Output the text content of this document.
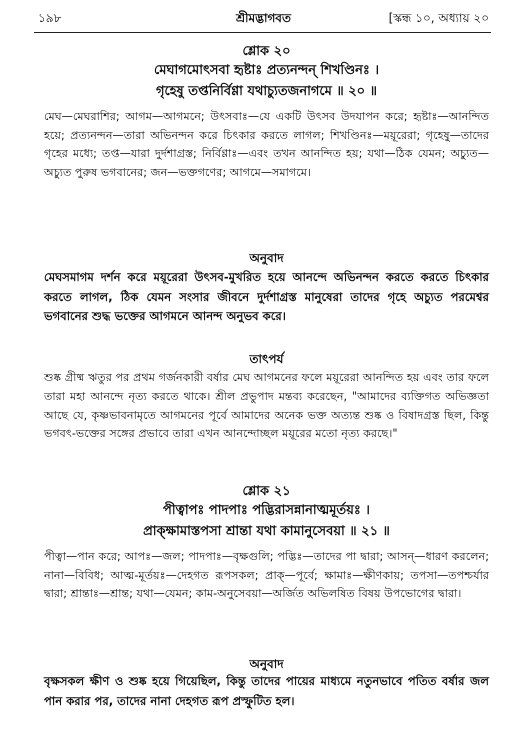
১৯৮	শ্রীমদ্ভাগবত	[স্কন্ধ ১০, অধ্যায় ২০
শ্লোক ২০
মেঘাগমোৎসবা হৃষ্টাঃ প্রত্যনন্দন্ শিখণ্ডিনঃ ।
গৃহেষু তপ্তনির্বিণ্ণা যথাচ্যুতজনাগমে ॥ ২০ ॥
মেঘ—মেঘরাশির; আগম—আগমনে; উৎসবাঃ—যে একটি উৎসব উদযাপন করে; হৃষ্টাঃ—আনন্দিত হয়ে; প্রত্যনন্দন—তারা অভিনন্দন করে চিৎকার করতে লাগল; শিখণ্ডিনঃ—ময়ূরেরা; গৃহেষু—তাদের গৃহের মধ্যে; তপ্ত—যারা দুর্দশাগ্রস্ত; নির্বিণ্ণাঃ—এবং তখন আনন্দিত হয়; যথা—ঠিক যেমন; অচ্যুত—অচ্যুত পুরুষ ভগবানের; জন—ভক্তগণের; আগমে—সমাগমে।
অনুবাদ
মেঘসমাগম দর্শন করে ময়ূরেরা উৎসব-মুখরিত হয়ে আনন্দে অভিনন্দন করতে করতে চিৎকার করতে লাগল, ঠিক যেমন সংসার জীবনে দুর্দশাগ্রস্ত মানুষেরা তাদের গৃহে অচ্যুত পরমেশ্বর ভগবানের শুদ্ধ ভক্তের আগমনে আনন্দ অনুভব করে।
তাৎপর্য
শুষ্ক গ্রীষ্ম ঋতুর পর প্রথম গর্জনকারী বর্ষার মেঘ আগমনের ফলে ময়ূরেরা আনন্দিত হয় এবং তার ফলে তারা মহা আনন্দে নৃত্য করতে থাকে। শ্রীল প্রভুপাদ মন্তব্য করেছেন, "আমাদের ব্যক্তিগত অভিজ্ঞতা আছে যে, কৃষ্ণভাবনামৃতে আগমনের পূর্বে আমাদের অনেক ভক্ত অত্যন্ত শুষ্ক ও বিষাদগ্রস্ত ছিল, কিন্তু ভগবৎ-ভক্তের সঙ্গের প্রভাবে তারা এখন আনন্দোচ্ছল ময়ূরের মতো নৃত্য করছে।"
শ্লোক ২১
পীত্বাপঃ পাদপাঃ পদ্ভিরাসন্নানাত্মমূর্তয়ঃ ।
প্রাক্ক্ষামাস্তপসা শ্রান্তা যথা কামানুসেবয়া ॥ ২১ ॥
পীত্বা—পান করে; আপঃ—জল; পাদপাঃ—বৃক্ষগুলি; পদ্ভিঃ—তাদের পা দ্বারা; আসন্—ধারণ করলেন; নানা—বিবিধ; আত্ম-মূর্তয়ঃ—দেহগত রূপসকল; প্রাক্—পূর্বে; ক্ষামাঃ—ক্ষীণকায়; তপসা—তপশ্চর্যার দ্বারা; শ্রান্তাঃ—শ্রান্ত; যথা—যেমন; কাম-অনুসেবয়া—অর্জিত অভিলষিত বিষয় উপভোগের দ্বারা।
অনুবাদ
বৃক্ষসকল ক্ষীণ ও শুষ্ক হয়ে গিয়েছিল, কিন্তু তাদের পায়ের মাধ্যমে নতুনভাবে পতিত বর্ষার জল পান করার পর, তাদের নানা দেহগত রূপ প্রস্ফুটিত হল।
